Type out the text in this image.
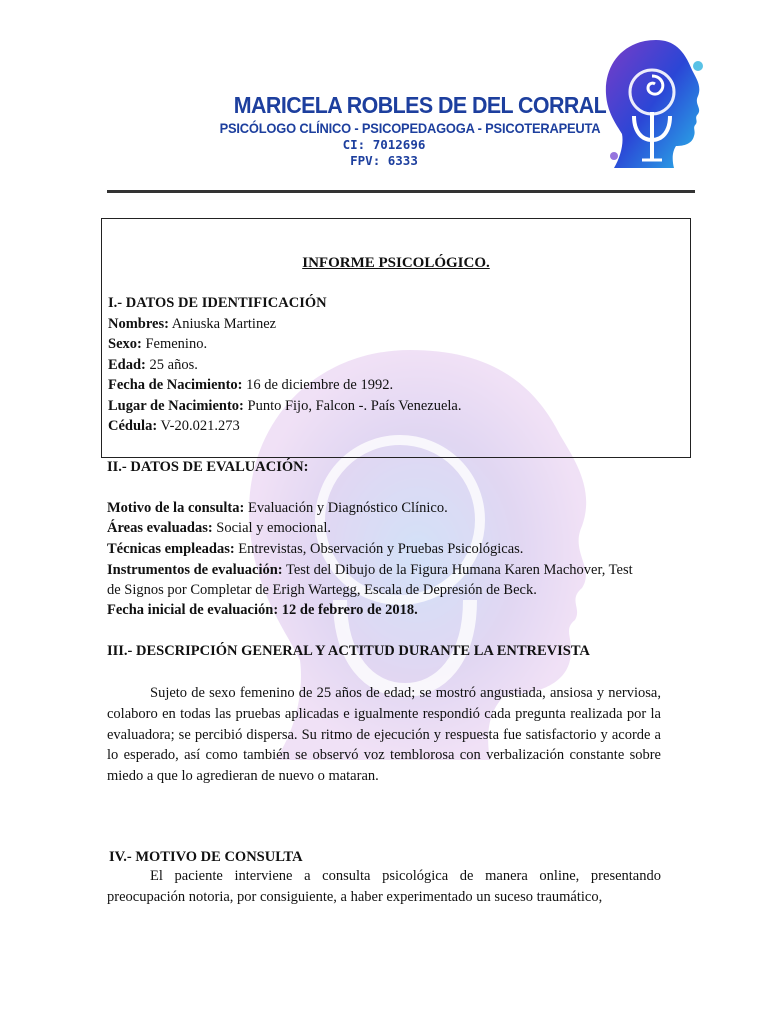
MARICELA ROBLES DE DEL CORRAL
PSICÓLOGO CLÍNICO - PSICOPEDAGOGA - PSICOTERAPEUTA
CI: 7012696
FPV: 6333
INFORME PSICOLÓGICO.
I.- DATOS DE IDENTIFICACIÓN
Nombres: Aniuska Martinez
Sexo: Femenino.
Edad: 25 años.
Fecha de Nacimiento: 16 de diciembre de 1992.
Lugar de Nacimiento: Punto Fijo, Falcon -. País Venezuela.
Cédula: V-20.021.273
II.- DATOS DE EVALUACIÓN:
Motivo de la consulta: Evaluación y Diagnóstico Clínico.
Áreas evaluadas: Social y emocional.
Técnicas empleadas: Entrevistas, Observación y Pruebas Psicológicas.
Instrumentos de evaluación: Test del Dibujo de la Figura Humana Karen Machover, Test
de Signos por Completar de Erigh Wartegg, Escala de Depresión de Beck.
Fecha inicial de evaluación: 12 de febrero de 2018.
III.- DESCRIPCIÓN GENERAL Y ACTITUD DURANTE LA ENTREVISTA
Sujeto de sexo femenino de 25 años de edad; se mostró angustiada, ansiosa y nerviosa, colaboro en todas las pruebas aplicadas e igualmente respondió cada pregunta realizada por la evaluadora; se percibió dispersa. Su ritmo de ejecución y respuesta fue satisfactorio y acorde a lo esperado, así como también se observó voz temblorosa con verbalización constante sobre miedo a que lo agredieran de nuevo o mataran.
IV.- MOTIVO DE CONSULTA
El paciente interviene a consulta psicológica de manera online, presentando preocupación notoria, por consiguiente, a haber experimentado un suceso traumático,
